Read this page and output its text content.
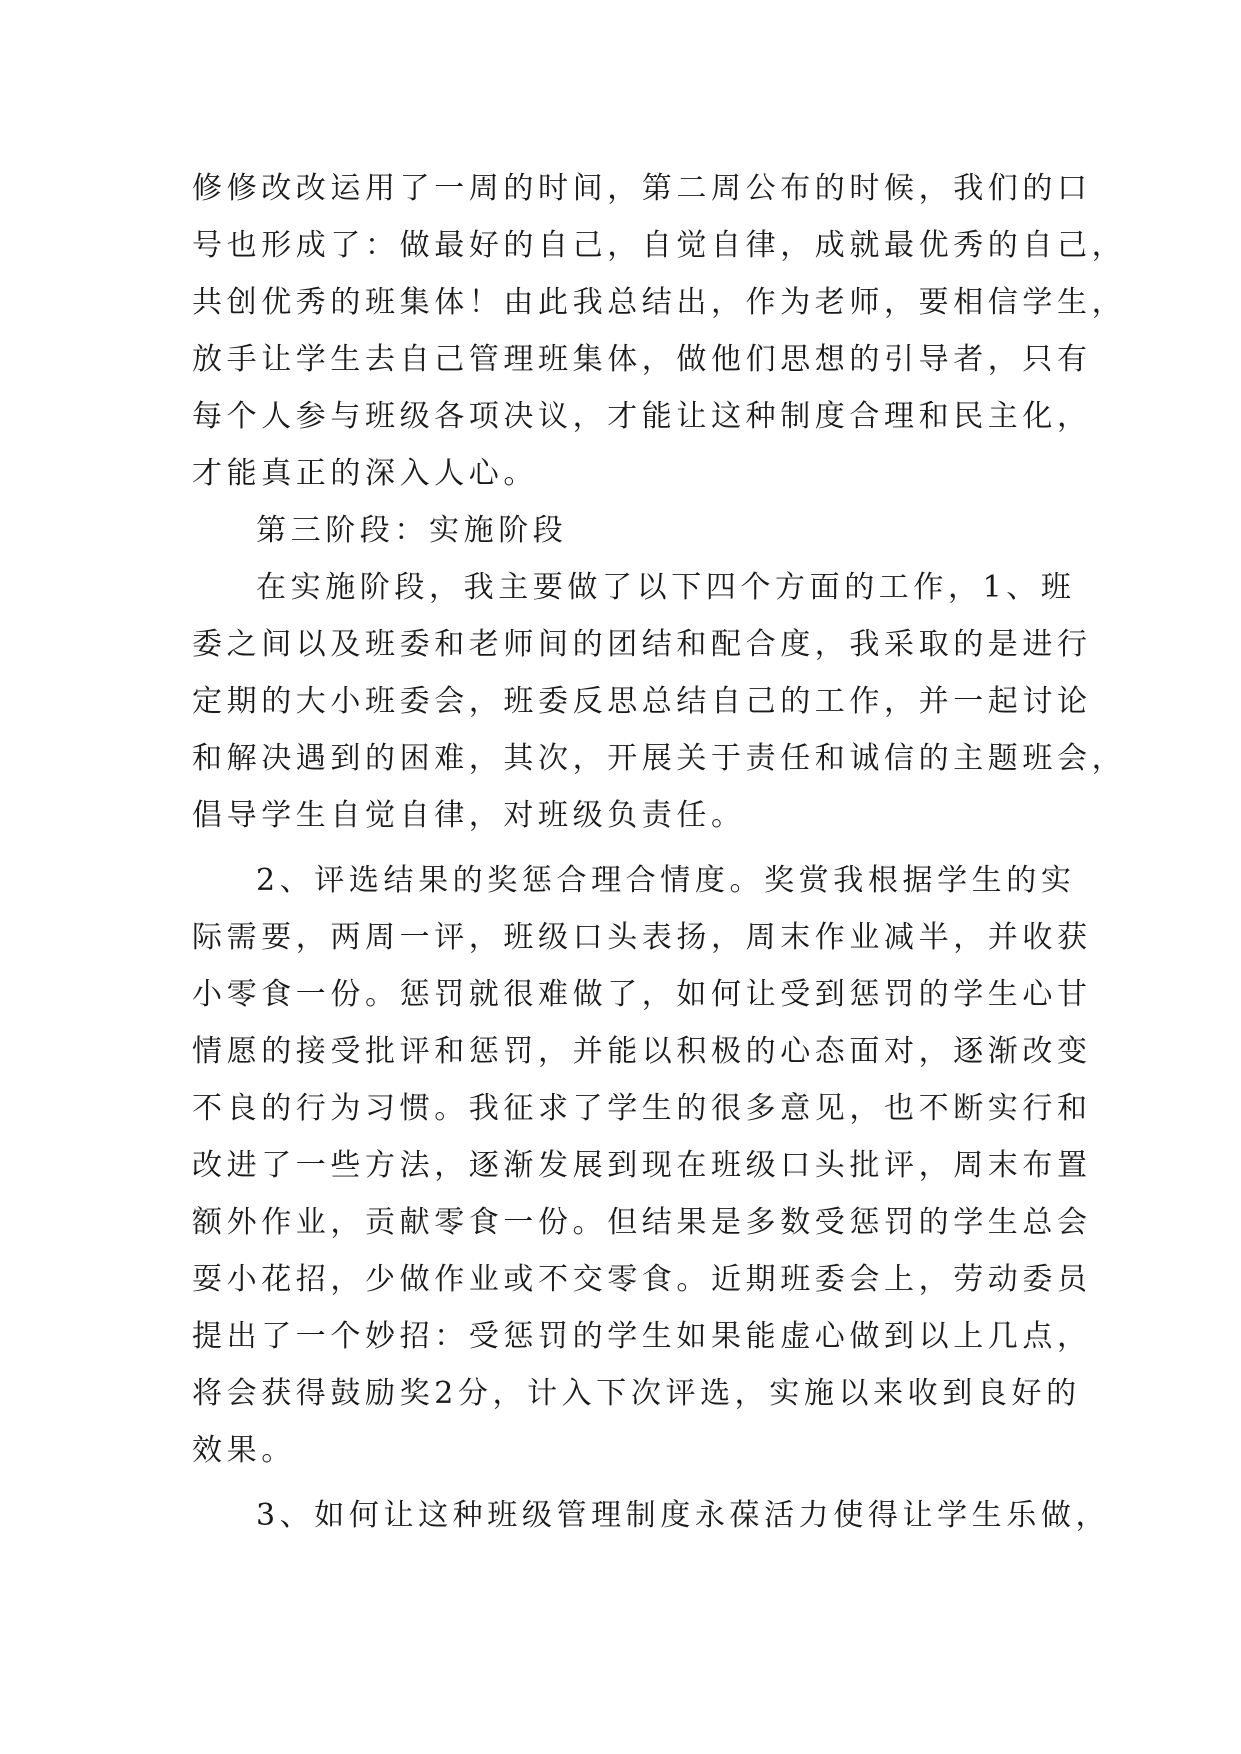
修修改改运用了一周的时间，第二周公布的时候，我们的口
号也形成了：做最好的自己，自觉自律，成就最优秀的自己，
共创优秀的班集体！由此我总结出，作为老师，要相信学生，
放手让学生去自己管理班集体，做他们思想的引导者，只有
每个人参与班级各项决议，才能让这种制度合理和民主化，
才能真正的深入人心。
第三阶段：实施阶段
在实施阶段，我主要做了以下四个方面的工作，1、班
委之间以及班委和老师间的团结和配合度，我采取的是进行
定期的大小班委会，班委反思总结自己的工作，并一起讨论
和解决遇到的困难，其次，开展关于责任和诚信的主题班会，
倡导学生自觉自律，对班级负责任。
2、评选结果的奖惩合理合情度。奖赏我根据学生的实
际需要，两周一评，班级口头表扬，周末作业减半，并收获
小零食一份。惩罚就很难做了，如何让受到惩罚的学生心甘
情愿的接受批评和惩罚，并能以积极的心态面对，逐渐改变
不良的行为习惯。我征求了学生的很多意见，也不断实行和
改进了一些方法，逐渐发展到现在班级口头批评，周末布置
额外作业，贡献零食一份。但结果是多数受惩罚的学生总会
耍小花招，少做作业或不交零食。近期班委会上，劳动委员
提出了一个妙招：受惩罚的学生如果能虚心做到以上几点，
将会获得鼓励奖2分，计入下次评选，实施以来收到良好的
效果。
3、如何让这种班级管理制度永葆活力使得让学生乐做，
